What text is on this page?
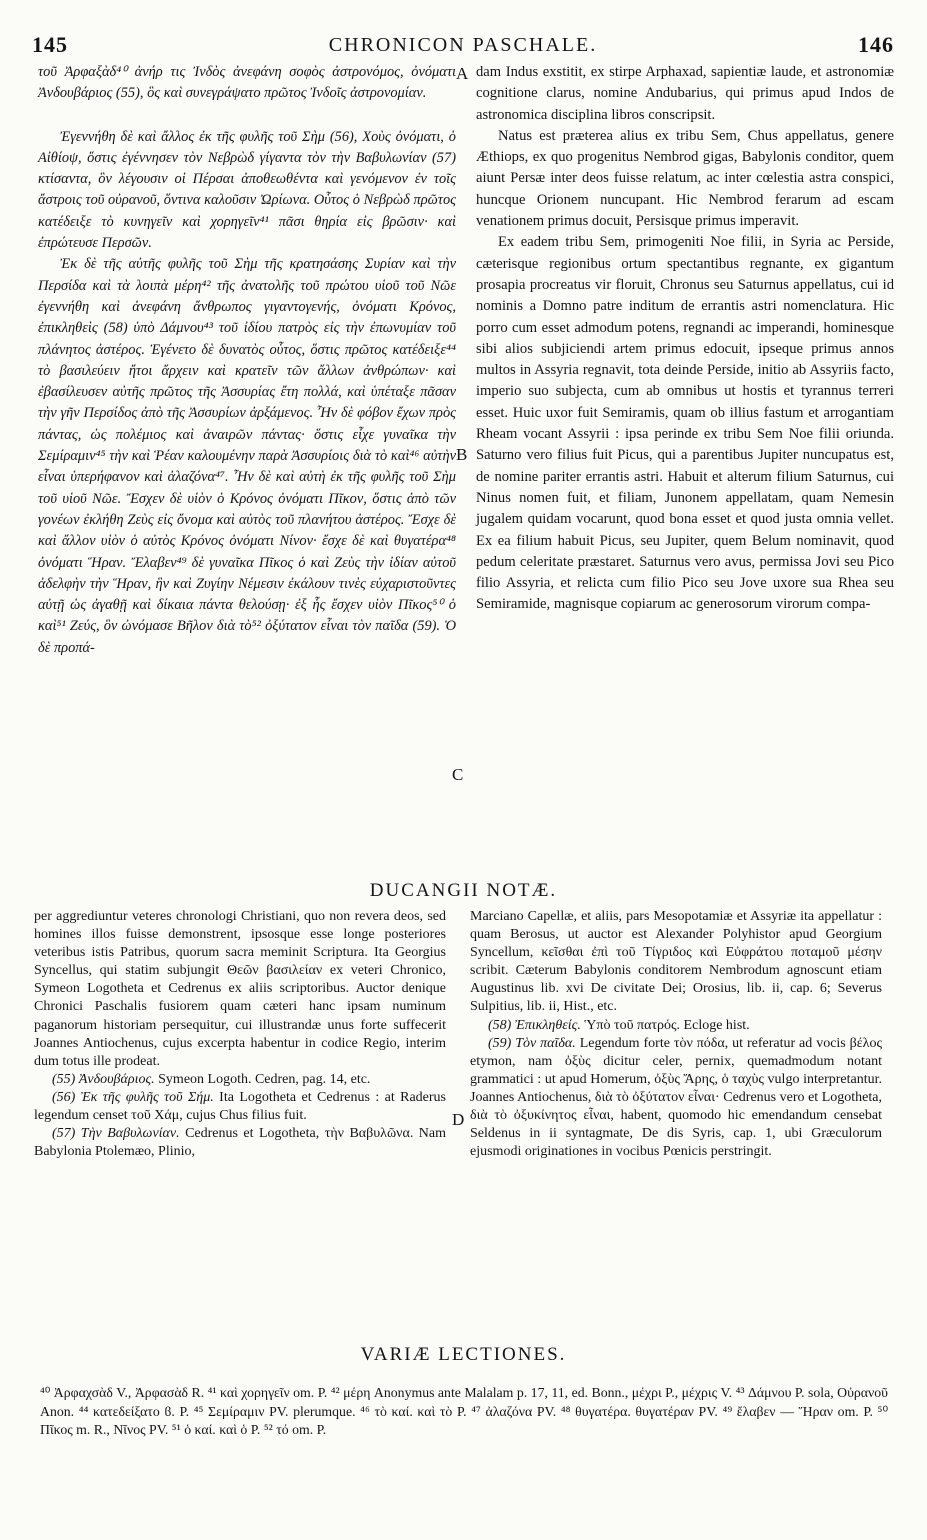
145	CHRONICON PASCHALE.	146

τοῦ Ἀρφαξὰδ⁴⁰ ἀνήρ τις Ἰνδὸς ἀνεφάνη σοφὸς ἀστρονόμος, ὀνόματι Ἀνδουβάριος (55), ὃς καὶ συνεγράψατο πρῶτος Ἰνδοῖς ἀστρονομίαν.

Ἐγεννήθη δὲ καὶ ἄλλος ἐκ τῆς φυλῆς τοῦ Σὴμ (56), Χοὺς ὀνόματι, ὁ Αἰθίοψ, ὅστις ἐγέννησεν τὸν Νεβρὼδ γίγαντα τὸν τὴν Βαβυλωνίαν (57) κτίσαντα, ὃν λέγουσιν οἱ Πέρσαι ἀποθεωθέντα καὶ γενόμενον ἐν τοῖς ἄστροις τοῦ οὐρανοῦ, ὅντινα καλοῦσιν Ὠρίωνα. Οὗτος ὁ Νεβρὼδ πρῶτος κατέδειξε τὸ κυνηγεῖν καὶ χορηγεῖν⁴¹ πᾶσι θηρία εἰς βρῶσιν· καὶ ἐπρώτευσε Περσῶν.

Ἐκ δὲ τῆς αὐτῆς φυλῆς τοῦ Σὴμ τῆς κρατησάσης Συρίαν καὶ τὴν Περσίδα καὶ τὰ λοιπὰ μέρη⁴² τῆς ἀνατολῆς τοῦ πρώτου υἱοῦ τοῦ Νῶε ἐγεννήθη καὶ ἀνεφάνη ἄνθρωπος γιγαντογενής, ὀνόματι Κρόνος, ἐπικληθεὶς (58) ὑπὸ Δάμνου⁴³ τοῦ ἰδίου πατρὸς εἰς τὴν ἐπωνυμίαν τοῦ πλάνητος ἀστέρος. Ἐγένετο δὲ δυνατὸς οὗτος, ὅστις πρῶτος κατέδειξε⁴⁴ τὸ βασιλεύειν ἤτοι ἄρχειν καὶ κρατεῖν τῶν ἄλλων ἀνθρώπων· καὶ ἐβασίλευσεν αὐτῆς πρῶτος τῆς Ἀσσυρίας ἔτη πολλά, καὶ ὑπέταξε πᾶσαν τὴν γῆν Περσίδος ἀπὸ τῆς Ἀσσυρίων ἀρξάμενος. Ἦν δὲ φόβον ἔχων πρὸς πάντας, ὡς πολέμιος καὶ ἀναιρῶν πάντας· ὅστις εἶχε γυναῖκα τὴν Σεμίραμιν⁴⁵ τὴν καὶ Ῥέαν καλουμένην παρὰ Ἀσσυρίοις διὰ τὸ καὶ⁴⁶ αὐτὴν εἶναι ὑπερήφανον καὶ ἀλαζόνα⁴⁷. Ἦν δὲ καὶ αὐτὴ ἐκ τῆς φυλῆς τοῦ Σὴμ τοῦ υἱοῦ Νῶε. Ἔσχεν δὲ υἱὸν ὁ Κρόνος ὀνόματι Πῖκον, ὅστις ἀπὸ τῶν γονέων ἐκλήθη Ζεὺς εἰς ὄνομα καὶ αὐτὸς τοῦ πλανήτου ἀστέρος. Ἔσχε δὲ καὶ ἄλλον υἱὸν ὁ αὐτὸς Κρόνος ὀνόματι Νίνον· ἔσχε δὲ καὶ θυγατέρα⁴⁸ ὀνόματι Ἥραν. Ἔλαβεν⁴⁹ δὲ γυναῖκα Πῖκος ὁ καὶ Ζεὺς τὴν ἰδίαν αὐτοῦ ἀδελφὴν τὴν Ἥραν, ἣν καὶ Ζυγίην Νέμεσιν ἐκάλουν τινὲς εὐχαριστοῦντες αὐτῇ ὡς ἀγαθῇ καὶ δίκαια πάντα θελούσῃ· ἐξ ἧς ἔσχεν υἱὸν Πῖκος⁵⁰ ὁ καὶ⁵¹ Ζεύς, ὃν ὠνόμασε Βῆλον διὰ τὸ⁵² ὀξύτατον εἶναι τὸν παῖδα (59). Ὁ δὲ προπά-

dam Indus exstitit, ex stirpe Arphaxad, sapientiæ laude, et astronomiæ cognitione clarus, nomine Andubarius, qui primus apud Indos de astronomica disciplina libros conscripsit.

Natus est præterea alius ex tribu Sem, Chus appellatus, genere Æthiops, ex quo progenitus Nembrod gigas, Babylonis conditor, quem aiunt Persæ inter deos fuisse relatum, ac inter cœlestia astra conspici, huncque Orionem nuncupant. Hic Nembrod ferarum ad escam venationem primus docuit, Persisque primus imperavit.

Ex eadem tribu Sem, primogeniti Noe filii, in Syria ac Perside, cæterisque regionibus ortum spectantibus regnante, ex gigantum prosapia procreatus vir floruit, Chronus seu Saturnus appellatus, cui id nominis a Domno patre inditum de errantis astri nomenclatura. Hic porro cum esset admodum potens, regnandi ac imperandi, hominesque sibi alios subjiciendi artem primus edocuit, ipseque primus annos multos in Assyria regnavit, tota deinde Perside, initio ab Assyriis facto, imperio suo subjecta, cum ab omnibus ut hostis et tyrannus terreri esset. Huic uxor fuit Semiramis, quam ob illius fastum et arrogantiam Rheam vocant Assyrii : ipsa perinde ex tribu Sem Noe filii oriunda. Saturno vero filius fuit Picus, qui a parentibus Jupiter nuncupatus est, de nomine pariter errantis astri. Habuit et alterum filium Saturnus, cui Ninus nomen fuit, et filiam, Junonem appellatam, quam Nemesin jugalem quidam vocarunt, quod bona esset et quod justa omnia vellet. Ex ea filium habuit Picus, seu Jupiter, quem Belum nominavit, quod pedum celeritate præstaret. Saturnus vero avus, permissa Jovi seu Pico filio Assyria, et relicta cum filio Pico seu Jove uxore sua Rhea seu Semiramide, magnisque copiarum ac generosorum virorum compa-

A
B
C
D
DUCANGII NOTÆ.

per aggrediuntur veteres chronologi Christiani, quo non revera deos, sed homines illos fuisse demonstrent, ipsosque esse longe posteriores veteribus istis Patribus, quorum sacra meminit Scriptura. Ita Georgius Syncellus, qui statim subjungit Θεῶν βασιλείαν ex veteri Chronico, Symeon Logotheta et Cedrenus ex aliis scriptoribus. Auctor denique Chronici Paschalis fusiorem quam cæteri hanc ipsam numinum paganorum historiam persequitur, cui illustrandæ unus forte suffecerit Joannes Antiochenus, cujus excerpta habentur in codice Regio, interim dum totus ille prodeat.

(55) Ἀνδουβάριος. Symeon Logoth. Cedren, pag. 14, etc.

(56) Ἐκ τῆς φυλῆς τοῦ Σήμ. Ita Logotheta et Cedrenus : at Raderus legendum censet τοῦ Χάμ, cujus Chus filius fuit.

(57) Τὴν Βαβυλωνίαν. Cedrenus et Logotheta, τὴν Βαβυλῶνα. Nam Babylonia Ptolemæo, Plinio,

Marciano Capellæ, et aliis, pars Mesopotamiæ et Assyriæ ita appellatur : quam Berosus, ut auctor est Alexander Polyhistor apud Georgium Syncellum, κεῖσθαι ἐπὶ τοῦ Τίγριδος καὶ Εὐφράτου ποταμοῦ μέσην scribit. Cæterum Babylonis conditorem Nembrodum agnoscunt etiam Augustinus lib. xvi De civitate Dei; Orosius, lib. ii, cap. 6; Severus Sulpitius, lib. ii, Hist., etc.

(58) Ἐπικληθείς. Ὑπὸ τοῦ πατρός. Ecloge hist.

(59) Τὸν παῖδα. Legendum forte τὸν πόδα, ut referatur ad vocis βέλος etymon, nam ὀξὺς dicitur celer, pernix, quemadmodum notant grammatici : ut apud Homerum, ὀξὺς Ἄρης, ὁ ταχὺς vulgo interpretantur. Joannes Antiochenus, διὰ τὸ ὀξύτατον εἶναι· Cedrenus vero et Logotheta, διὰ τὸ ὀξυκίνητος εἶναι, habent, quomodo hic emendandum censebat Seldenus in ii syntagmate, De dis Syris, cap. 1, ubi Græculorum ejusmodi originationes in vocibus Pœnicis perstringit.

VARIÆ LECTIONES.
⁴⁰ Ἀρφαχσὰδ V., Ἀρφασὰδ R. ⁴¹ καὶ χορηγεῖν om. P. ⁴² μέρη Anonymus ante Malalam p. 17, 11, ed. Bonn., μέχρι P., μέχρις V. ⁴³ Δάμνου P. sola, Οὐρανοῦ Anon. ⁴⁴ κατεδείξατο ϐ. P. ⁴⁵ Σεμίραμιν PV. plerumque. ⁴⁶ τὸ καί. καὶ τὸ P. ⁴⁷ ἀλαζόνα PV. ⁴⁸ θυγατέρα. θυγατέραν PV. ⁴⁹ ἔλαβεν — Ἥραν om. P. ⁵⁰ Πῖκος m. R., Νῖνος PV. ⁵¹ ὁ καί. καὶ ὁ P. ⁵² τό om. P.
